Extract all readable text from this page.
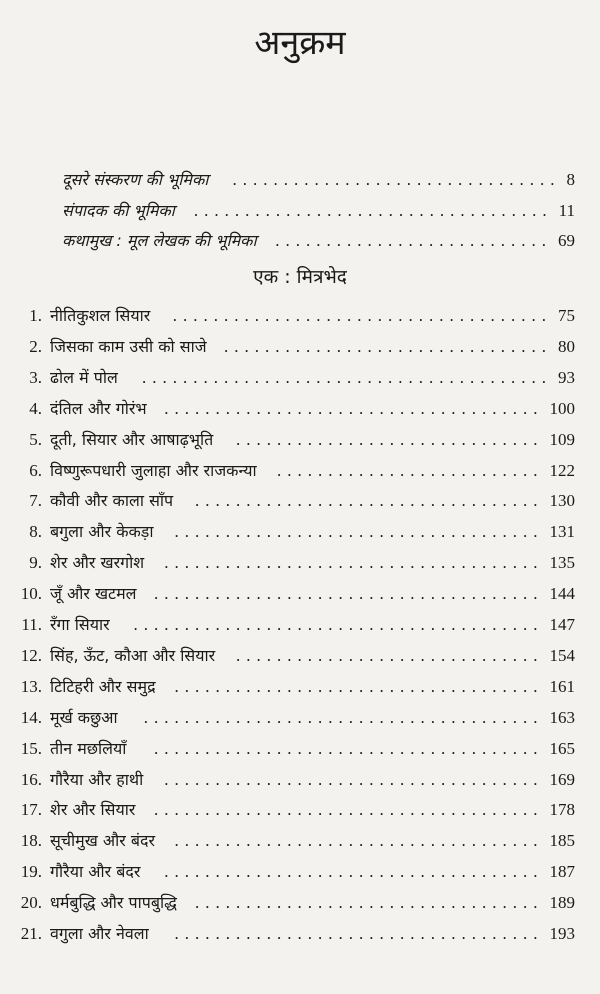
अनुक्रम
दूसरे संस्करण की भूमिका	................................ 8
संपादक की भूमिका	................................... 11
कथामुख : मूल लेखक की भूमिका	........................... 69
एक : मित्रभेद
1. नीतिकुशल सियार	..................................... 75
2. जिसका काम उसी को साजे	................................ 80
3. ढोल में पोल	........................................ 93
4. दंतिल और गोरंभ	..................................... 100
5. दूती, सियार और आषाढ़भूति	.............................. 109
6. विष्णुरूपधारी जुलाहा और राजकन्या	.......................... 122
7. कौवी और काला साँप	.................................. 130
8. बगुला और केकड़ा	.................................... 131
9. शेर और खरगोश	..................................... 135
10. जूँ और खटमल	...................................... 144
11. रँगा सियार	........................................ 147
12. सिंह, ऊँट, कौआ और सियार	.............................. 154
13. टिटिहरी और समुद्र	.................................... 161
14. मूर्ख कछुआ	....................................... 163
15. तीन मछलियाँ	...................................... 165
16. गौरैया और हाथी	..................................... 169
17. शेर और सियार	...................................... 178
18. सूचीमुख और बंदर	.................................... 185
19. गौरैया और बंदर	..................................... 187
20. धर्मबुद्धि और पापबुद्धि	.................................. 189
21. वगुला और नेवला	.................................... 193
